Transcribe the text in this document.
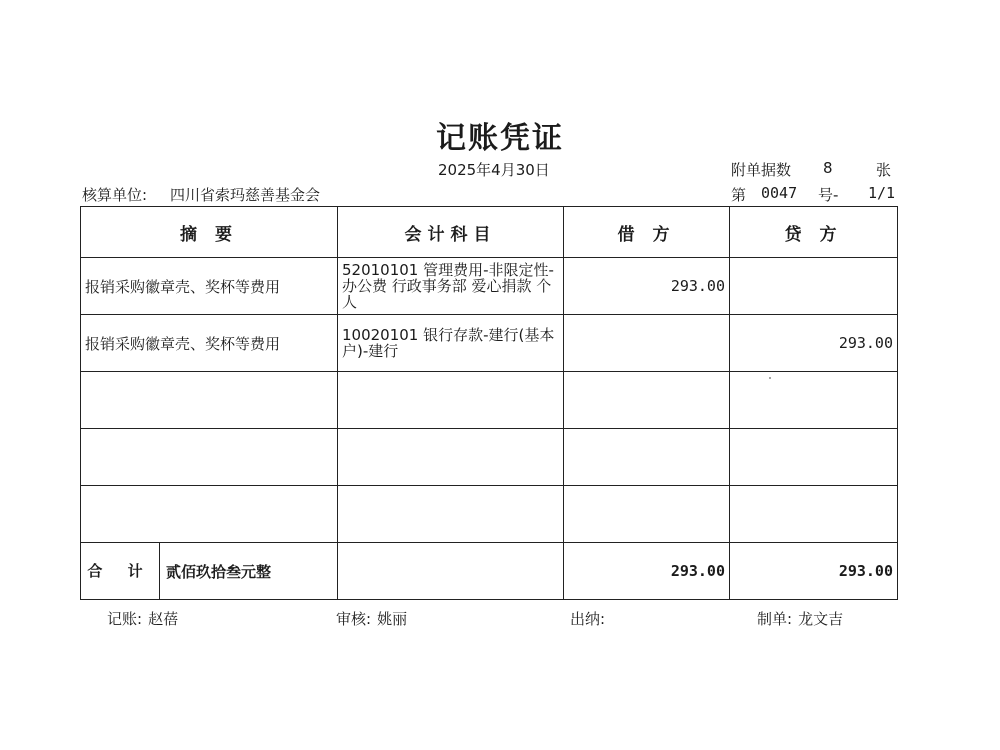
记账凭证
2025年4月30日	附单据数 8	张
核算单位: 四川省索玛慈善基金会	第 0047 号- 1/1
摘 要	会计科目	借 方	贷 方
报销采购徽章壳、奖杯等费用	52010101 管理费用-非限定性-办公费 行政事务部 爱心捐款 个人	293.00	
报销采购徽章壳、奖杯等费用	10020101 银行存款-建行(基本户)-建行		293.00

合 计 贰佰玖拾叁元整		293.00	293.00
记账: 赵蓓	审核: 姚丽	出纳:	制单: 龙文吉
